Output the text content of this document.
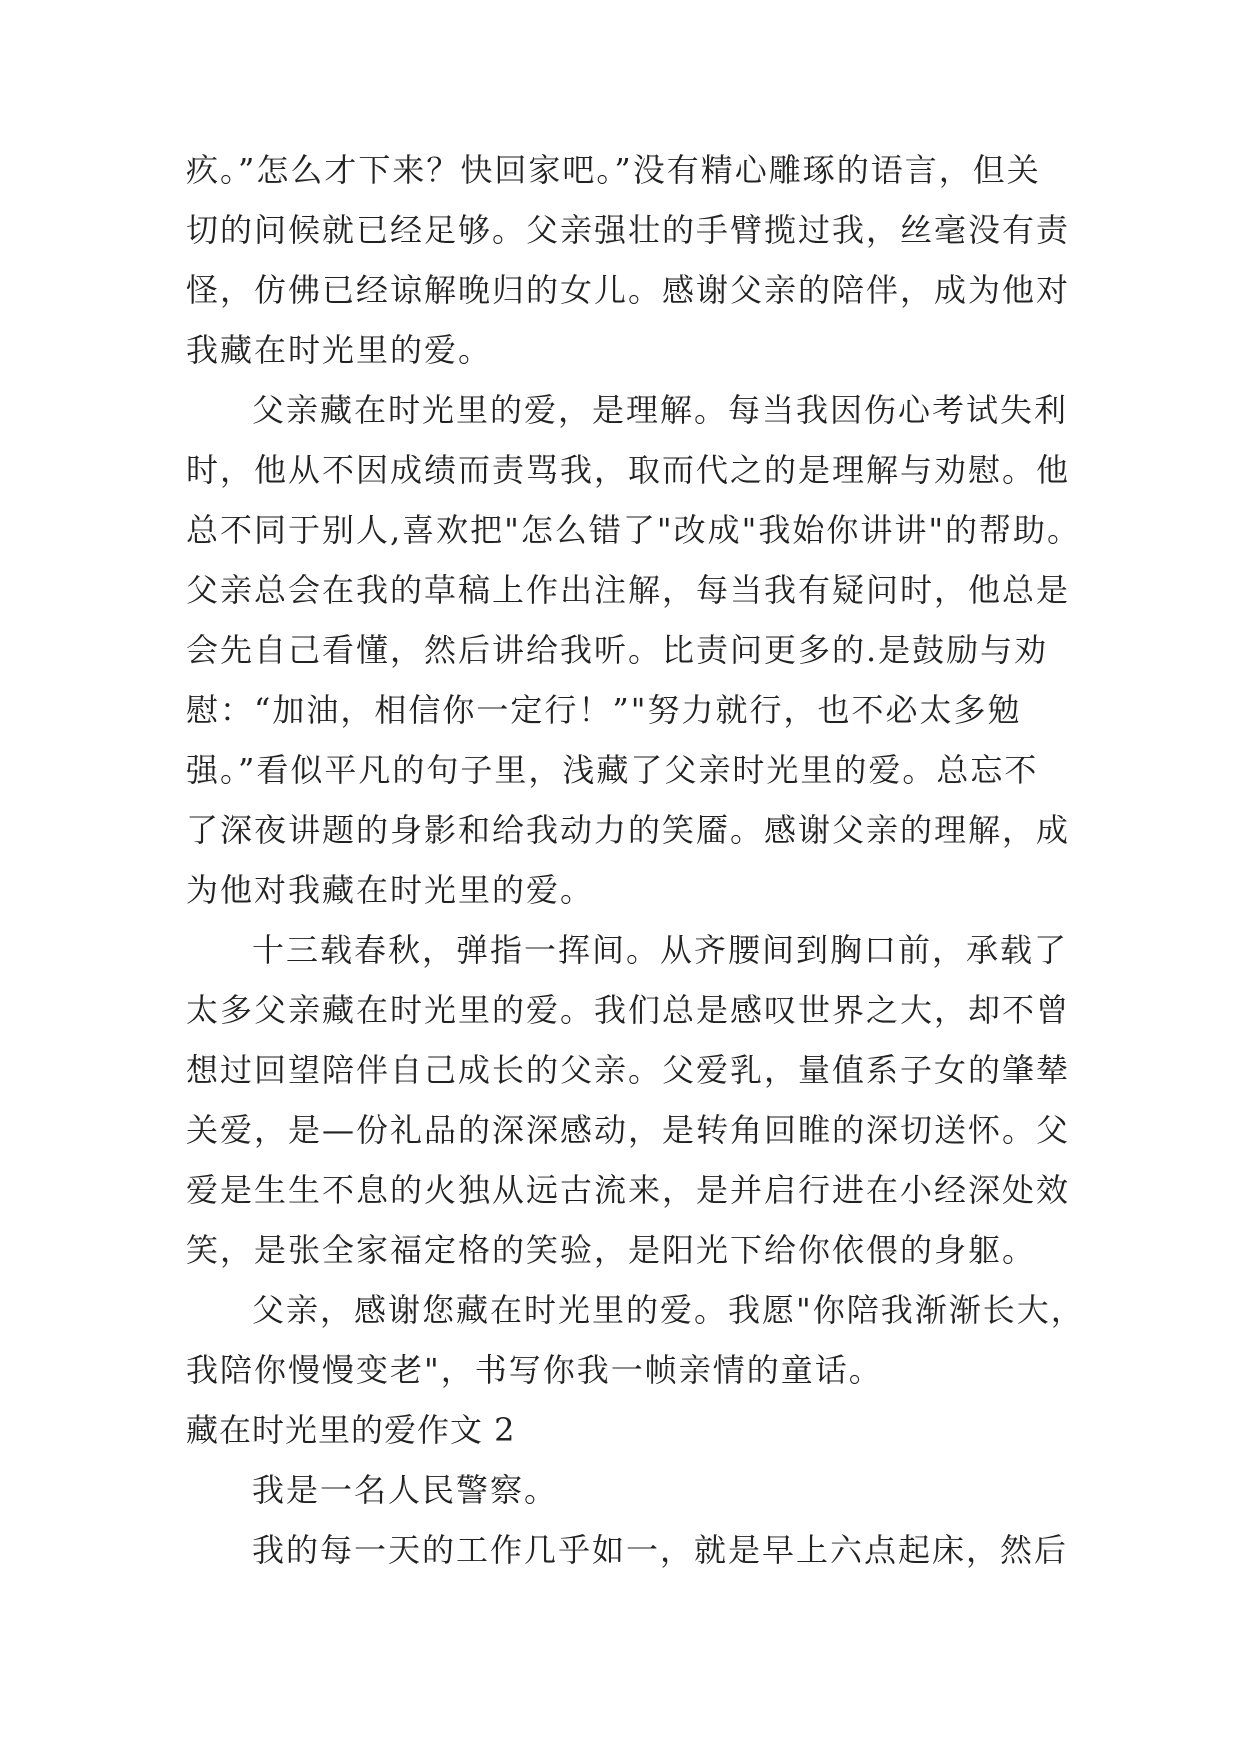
疚。”怎么才下来？快回家吧。”没有精心雕琢的语言，但关
切的问候就已经足够。父亲强壮的手臂揽过我，丝毫没有责
怪，仿佛已经谅解晚归的女儿。感谢父亲的陪伴，成为他对
我藏在时光里的爱。
父亲藏在时光里的爱，是理解。每当我因伤心考试失利
时，他从不因成绩而责骂我，取而代之的是理解与劝慰。他
总不同于别人,喜欢把"怎么错了"改成"我始你讲讲"的帮助。
父亲总会在我的草稿上作出注解，每当我有疑问时，他总是
会先自己看懂，然后讲给我听。比责问更多的.是鼓励与劝
慰：“加油，相信你一定行！”"努力就行，也不必太多勉
强。”看似平凡的句子里，浅藏了父亲时光里的爱。总忘不
了深夜讲题的身影和给我动力的笑靥。感谢父亲的理解，成
为他对我藏在时光里的爱。
十三载春秋，弹指一挥间。从齐腰间到胸口前，承载了
太多父亲藏在时光里的爱。我们总是感叹世界之大，却不曾
想过回望陪伴自己成长的父亲。父爱乳，量值系子女的肇辇
关爱，是—份礼品的深深感动，是转角回睢的深切送怀。父
爱是生生不息的火独从远古流来，是并启行进在小经深处效
笑，是张全家福定格的笑验，是阳光下给你依偎的身躯。
父亲，感谢您藏在时光里的爱。我愿"你陪我渐渐长大，
我陪你慢慢变老"，书写你我一帧亲情的童话。
藏在时光里的爱作文 2
我是一名人民警察。
我的每一天的工作几乎如一，就是早上六点起床，然后
